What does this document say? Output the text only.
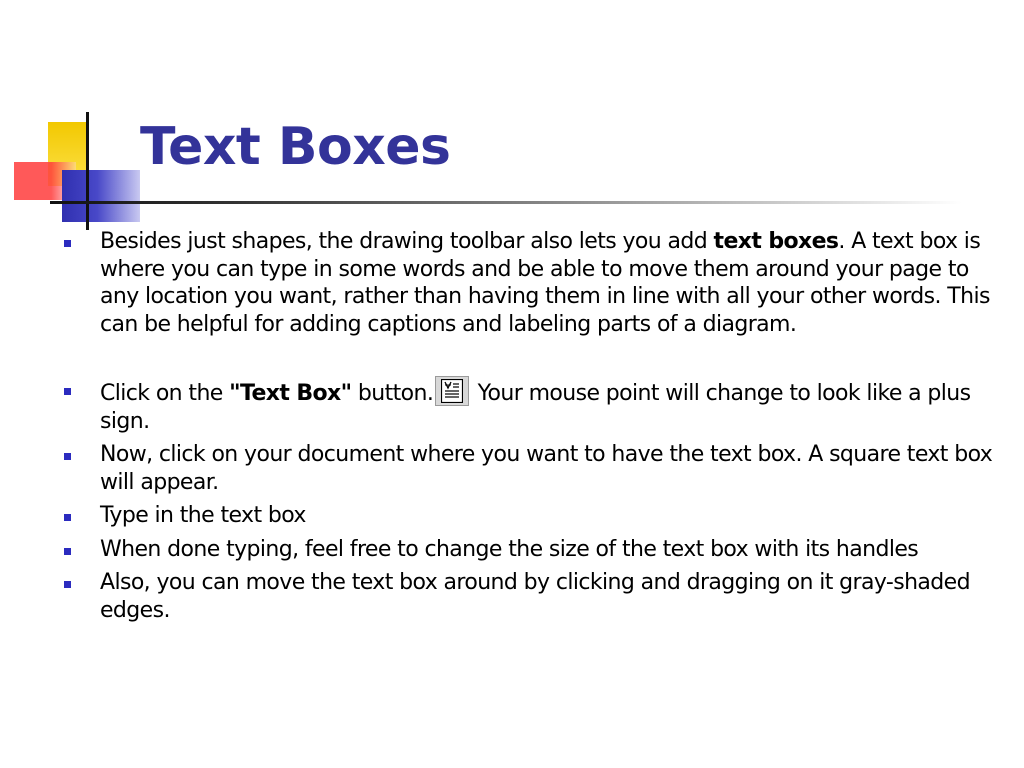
Text Boxes
Besides just shapes, the drawing toolbar also lets you add text boxes. A text box is where you can type in some words and be able to move them around your page to any location you want, rather than having them in line with all your other words. This can be helpful for adding captions and labeling parts of a diagram.
Click on the "Text Box" button.
Your mouse point will change to look like a plus sign.
Now, click on your document where you want to have the text box. A square text box will appear.
Type in the text box
When done typing, feel free to change the size of the text box with its handles
Also, you can move the text box around by clicking and dragging on it gray-shaded edges.
